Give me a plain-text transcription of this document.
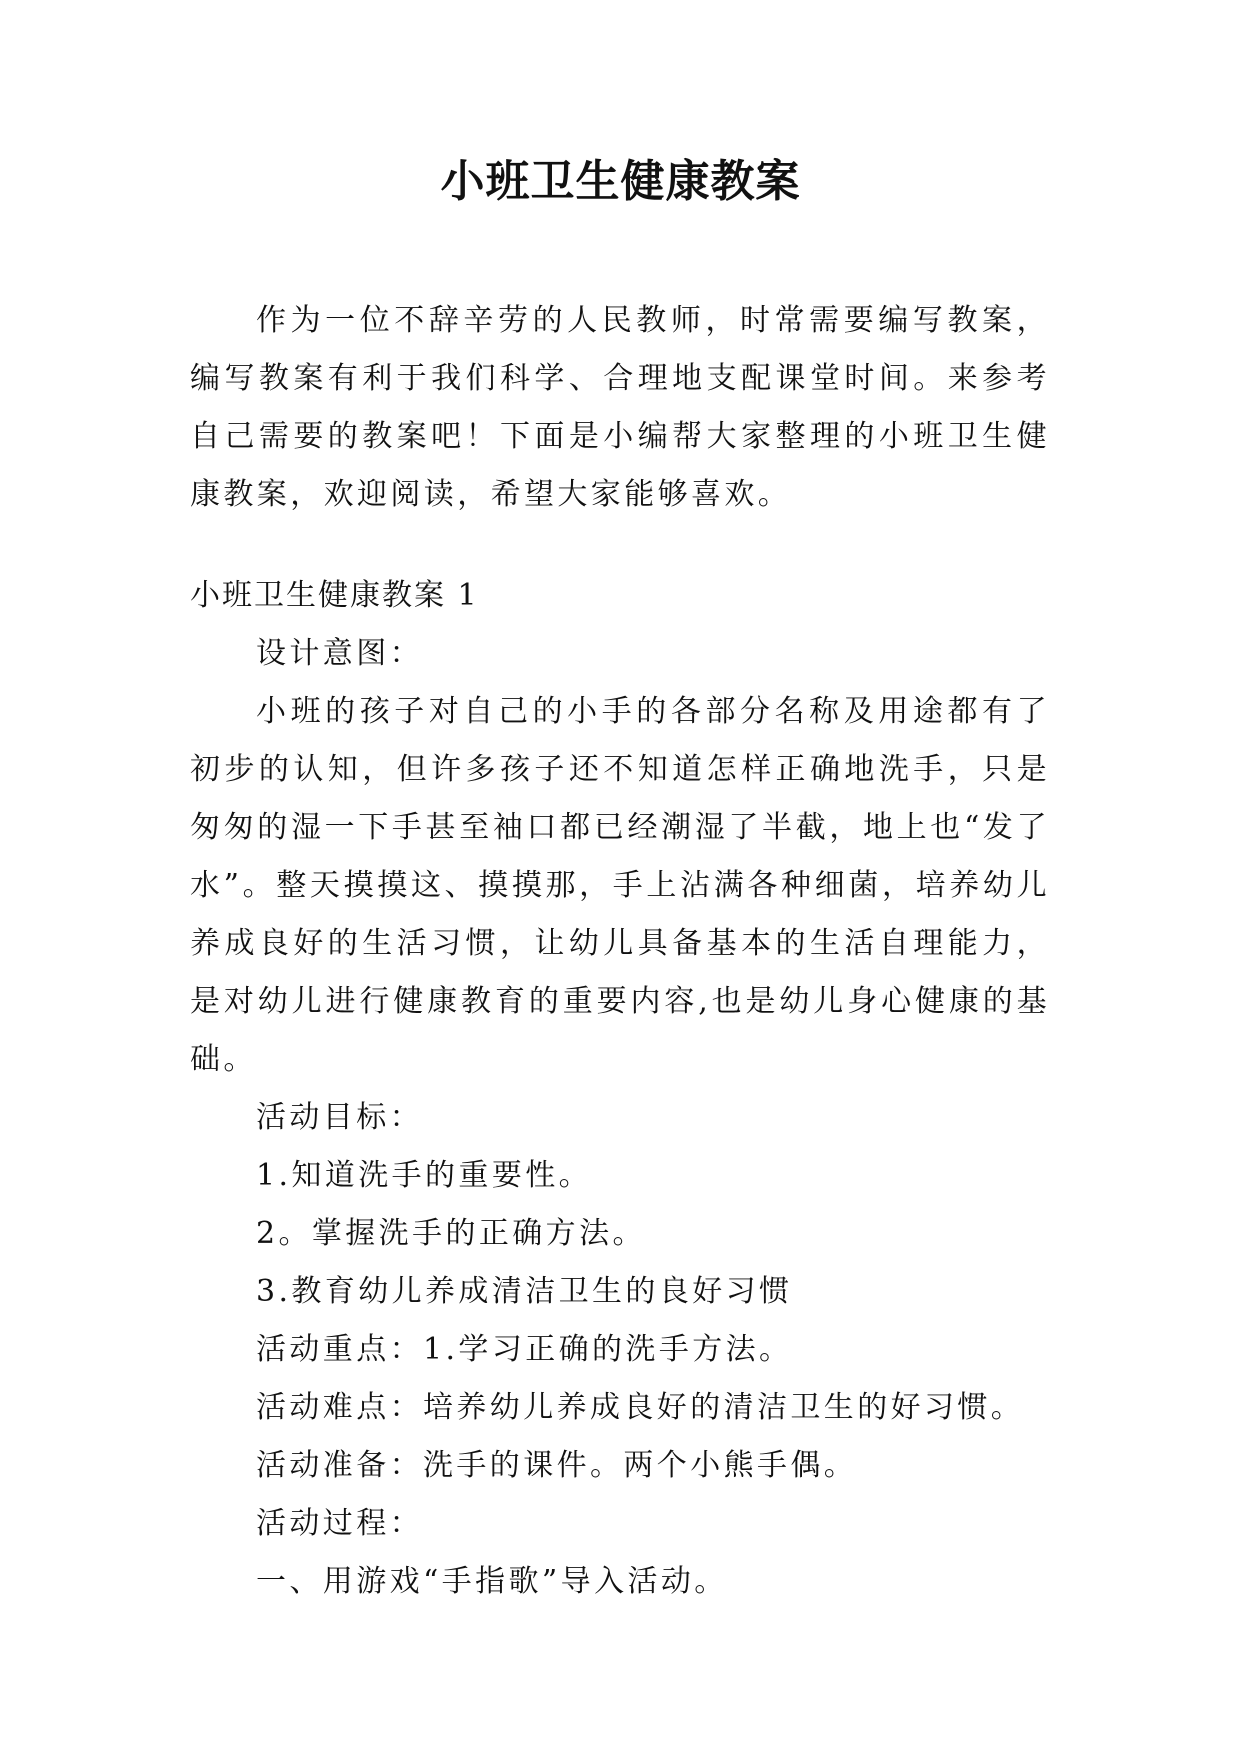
小班卫生健康教案

作为一位不辞辛劳的人民教师，时常需要编写教案，编写教案有利于我们科学、合理地支配课堂时间。来参考自己需要的教案吧！下面是小编帮大家整理的小班卫生健康教案，欢迎阅读，希望大家能够喜欢。

小班卫生健康教案 1

设计意图：

小班的孩子对自己的小手的各部分名称及用途都有了初步的认知，但许多孩子还不知道怎样正确地洗手，只是匆匆的湿一下手甚至袖口都已经潮湿了半截，地上也“发了水”。整天摸摸这、摸摸那，手上沾满各种细菌，培养幼儿养成良好的生活习惯，让幼儿具备基本的生活自理能力，是对幼儿进行健康教育的重要内容,也是幼儿身心健康的基础。

活动目标：

1.知道洗手的重要性。

2。掌握洗手的正确方法。

3.教育幼儿养成清洁卫生的良好习惯

活动重点：1.学习正确的洗手方法。

活动难点：培养幼儿养成良好的清洁卫生的好习惯。

活动准备：洗手的课件。两个小熊手偶。

活动过程：

一、用游戏“手指歌”导入活动。
